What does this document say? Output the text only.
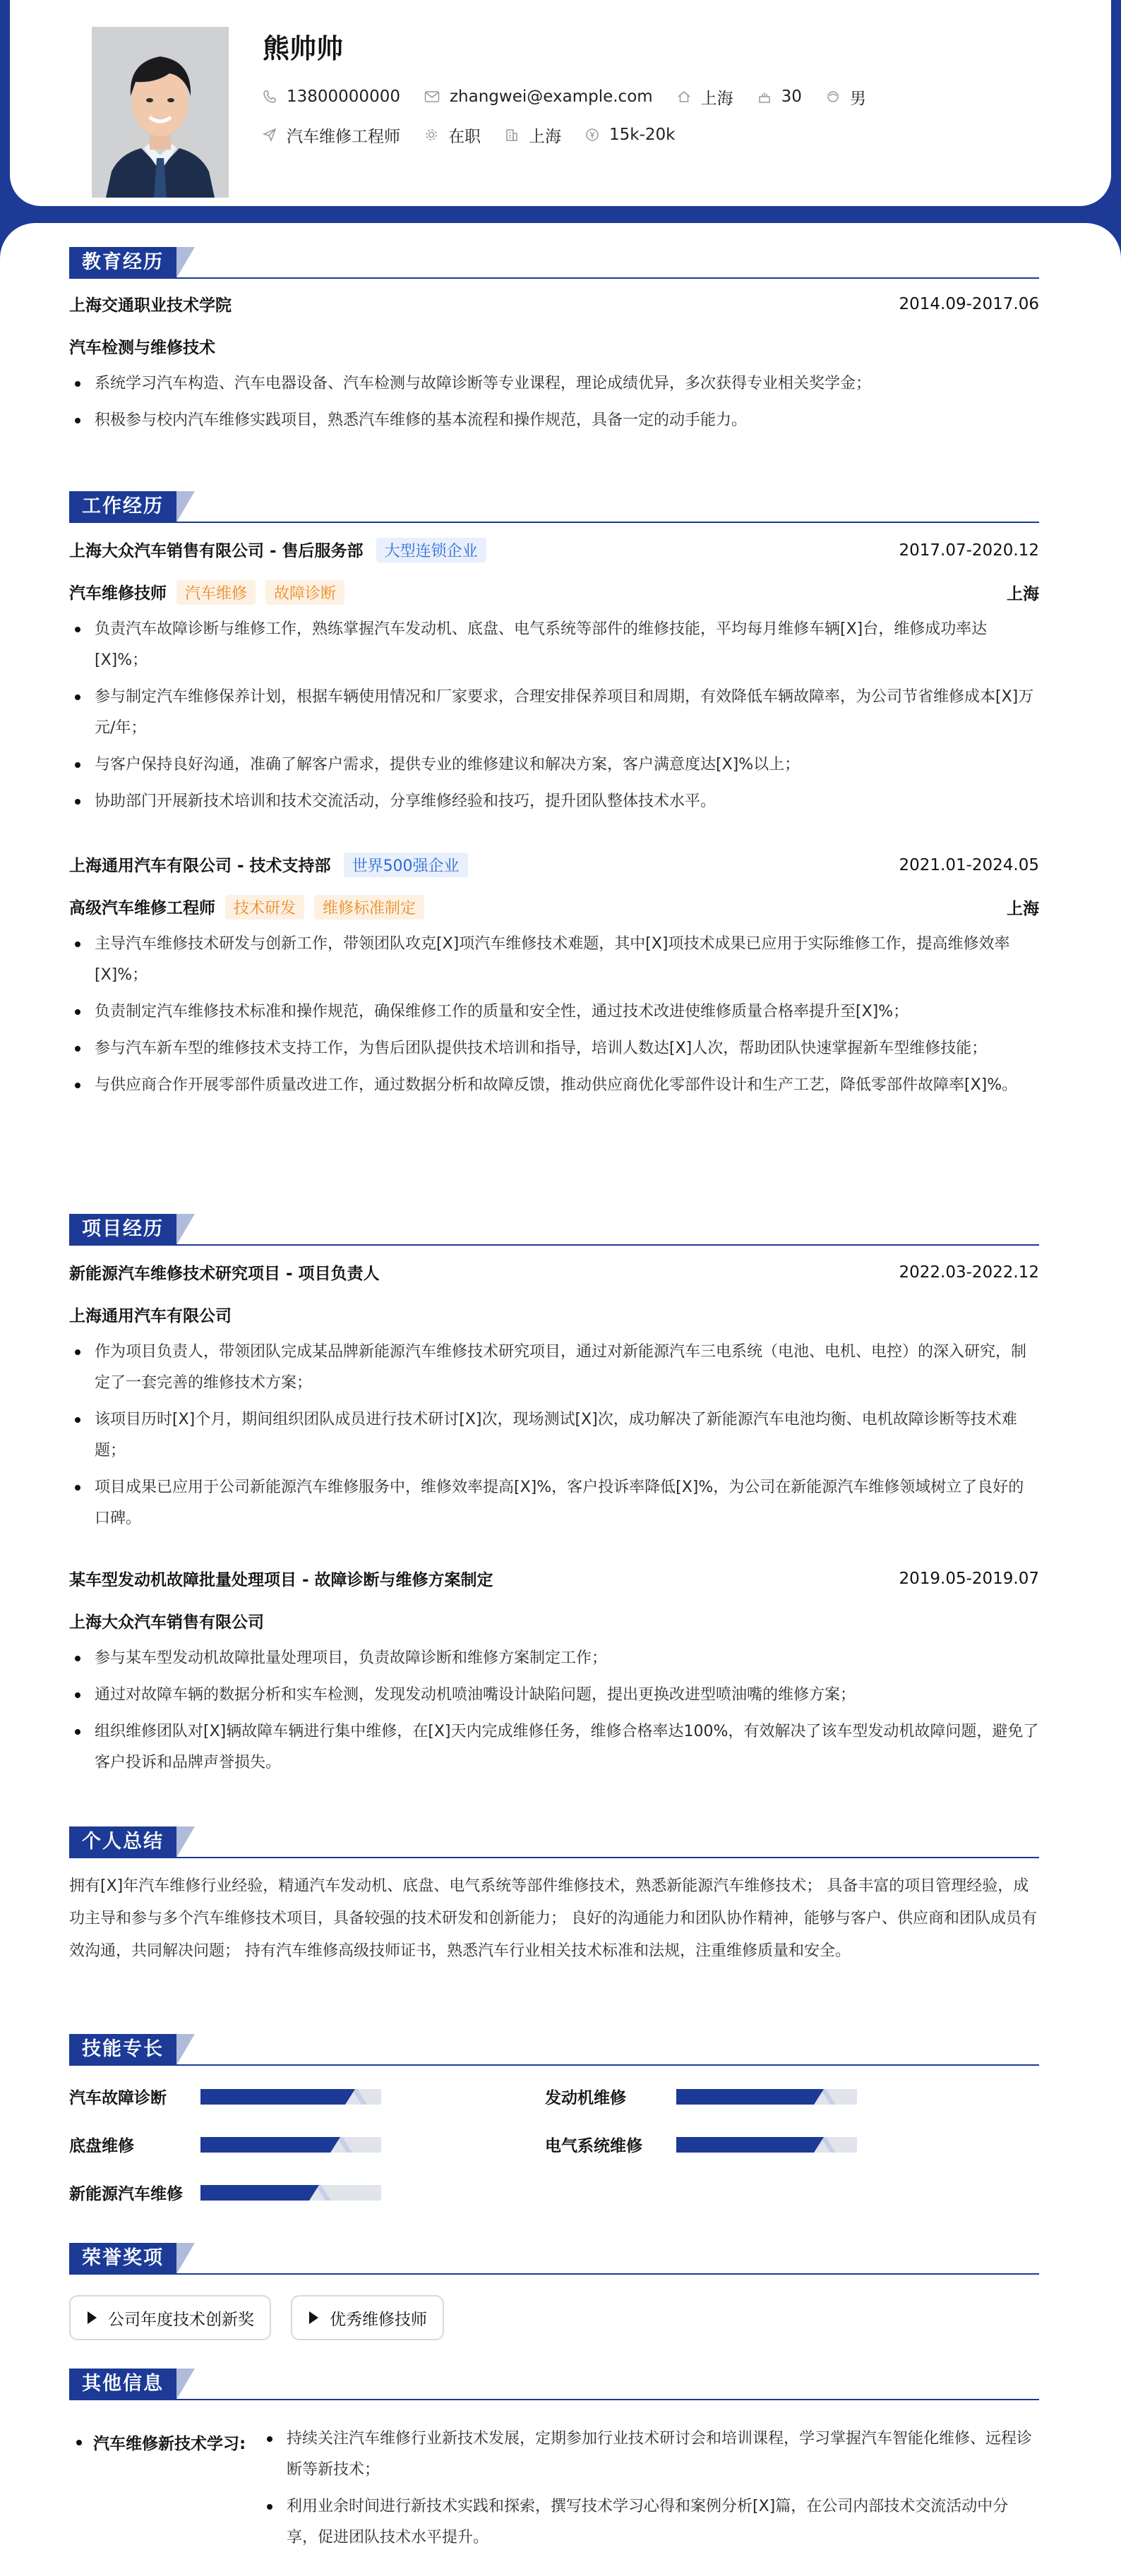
熊帅帅
13800000000	zhangwei@example.com	上海	30	男
汽车维修工程师	在职	上海	15k-20k
教育经历
上海交通职业技术学院	2014.09-2017.06
汽车检测与维修技术
系统学习汽车构造、汽车电器设备、汽车检测与故障诊断等专业课程，理论成绩优异，多次获得专业相关奖学金；
积极参与校内汽车维修实践项目，熟悉汽车维修的基本流程和操作规范，具备一定的动手能力。
工作经历
上海大众汽车销售有限公司 - 售后服务部 大型连锁企业	2017.07-2020.12
汽车维修技师 汽车维修 故障诊断	上海
负责汽车故障诊断与维修工作，熟练掌握汽车发动机、底盘、电气系统等部件的维修技能，平均每月维修车辆[X]台，维修成功率达[X]%；
参与制定汽车维修保养计划，根据车辆使用情况和厂家要求，合理安排保养项目和周期，有效降低车辆故障率，为公司节省维修成本[X]万元/年；
与客户保持良好沟通，准确了解客户需求，提供专业的维修建议和解决方案，客户满意度达[X]%以上；
协助部门开展新技术培训和技术交流活动，分享维修经验和技巧，提升团队整体技术水平。
上海通用汽车有限公司 - 技术支持部 世界500强企业	2021.01-2024.05
高级汽车维修工程师 技术研发 维修标准制定	上海
主导汽车维修技术研发与创新工作，带领团队攻克[X]项汽车维修技术难题，其中[X]项技术成果已应用于实际维修工作，提高维修效率[X]%；
负责制定汽车维修技术标准和操作规范，确保维修工作的质量和安全性，通过技术改进使维修质量合格率提升至[X]%；
参与汽车新车型的维修技术支持工作，为售后团队提供技术培训和指导，培训人数达[X]人次，帮助团队快速掌握新车型维修技能；
与供应商合作开展零部件质量改进工作，通过数据分析和故障反馈，推动供应商优化零部件设计和生产工艺，降低零部件故障率[X]%。
项目经历
新能源汽车维修技术研究项目 - 项目负责人	2022.03-2022.12
上海通用汽车有限公司
作为项目负责人，带领团队完成某品牌新能源汽车维修技术研究项目，通过对新能源汽车三电系统（电池、电机、电控）的深入研究，制定了一套完善的维修技术方案；
该项目历时[X]个月，期间组织团队成员进行技术研讨[X]次，现场测试[X]次，成功解决了新能源汽车电池均衡、电机故障诊断等技术难题；
项目成果已应用于公司新能源汽车维修服务中，维修效率提高[X]%，客户投诉率降低[X]%，为公司在新能源汽车维修领域树立了良好的口碑。
某车型发动机故障批量处理项目 - 故障诊断与维修方案制定	2019.05-2019.07
上海大众汽车销售有限公司
参与某车型发动机故障批量处理项目，负责故障诊断和维修方案制定工作；
通过对故障车辆的数据分析和实车检测，发现发动机喷油嘴设计缺陷问题，提出更换改进型喷油嘴的维修方案；
组织维修团队对[X]辆故障车辆进行集中维修，在[X]天内完成维修任务，维修合格率达100%，有效解决了该车型发动机故障问题，避免了客户投诉和品牌声誉损失。
个人总结
拥有[X]年汽车维修行业经验，精通汽车发动机、底盘、电气系统等部件维修技术，熟悉新能源汽车维修技术； 具备丰富的项目管理经验，成功主导和参与多个汽车维修技术项目，具备较强的技术研发和创新能力； 良好的沟通能力和团队协作精神，能够与客户、供应商和团队成员有效沟通，共同解决问题； 持有汽车维修高级技师证书，熟悉汽车行业相关技术标准和法规，注重维修质量和安全。
技能专长
汽车故障诊断	发动机维修
底盘维修	电气系统维修
新能源汽车维修
荣誉奖项
公司年度技术创新奖	优秀维修技师
其他信息
汽车维修新技术学习:	持续关注汽车维修行业新技术发展，定期参加行业技术研讨会和培训课程，学习掌握汽车智能化维修、远程诊断等新技术；
利用业余时间进行新技术实践和探索，撰写技术学习心得和案例分析[X]篇，在公司内部技术交流活动中分享，促进团队技术水平提升。
